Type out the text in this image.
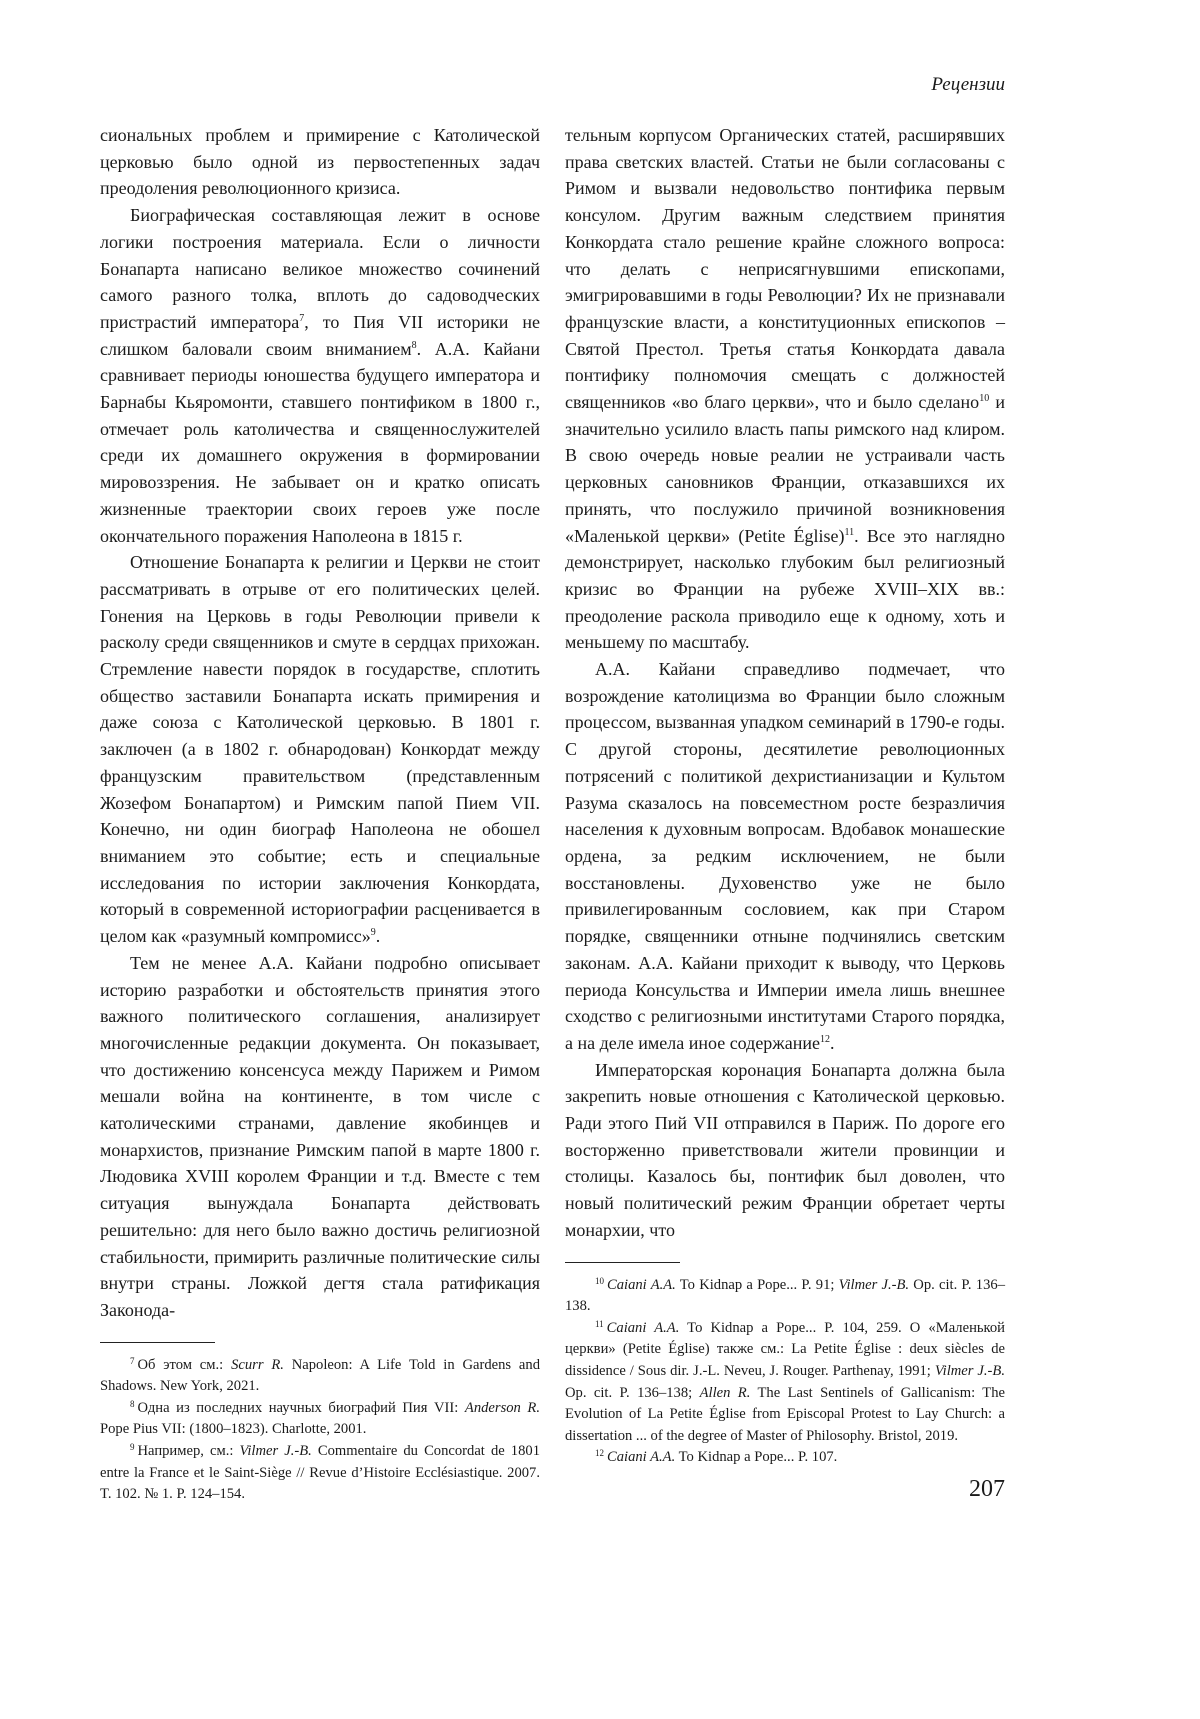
Рецензии

сиональных проблем и примирение с Католической церковью было одной из первостепенных задач преодоления революционного кризиса.

Биографическая составляющая лежит в основе логики построения материала. Если о личности Бонапарта написано великое множество сочинений самого разного толка, вплоть до садоводческих пристрастий императора7, то Пия VII историки не слишком баловали своим вниманием8. А.А. Кайани сравнивает периоды юношества будущего императора и Барнабы Кьяромонти, ставшего понтификом в 1800 г., отмечает роль католичества и священнослужителей среди их домашнего окружения в формировании мировоззрения. Не забывает он и кратко описать жизненные траектории своих героев уже после окончательного поражения Наполеона в 1815 г.

Отношение Бонапарта к религии и Церкви не стоит рассматривать в отрыве от его политических целей. Гонения на Церковь в годы Революции привели к расколу среди священников и смуте в сердцах прихожан. Стремление навести порядок в государстве, сплотить общество заставили Бонапарта искать примирения и даже союза с Католической церковью. В 1801 г. заключен (а в 1802 г. обнародован) Конкордат между французским правительством (представленным Жозефом Бонапартом) и Римским папой Пием VII. Конечно, ни один биограф Наполеона не обошел вниманием это событие; есть и специальные исследования по истории заключения Конкордата, который в современной историографии расценивается в целом как «разумный компромисс»9.

Тем не менее А.А. Кайани подробно описывает историю разработки и обстоятельств принятия этого важного политического соглашения, анализирует многочисленные редакции документа. Он показывает, что достижению консенсуса между Парижем и Римом мешали война на континенте, в том числе с католическими странами, давление якобинцев и монархистов, признание Римским папой в марте 1800 г. Людовика XVIII королем Франции и т.д. Вместе с тем ситуация вынуждала Бонапарта действовать решительно: для него было важно достичь религиозной стабильности, примирить различные политические силы внутри страны. Ложкой дегтя стала ратификация Законода-

7 Об этом см.: Scurr R. Napoleon: A Life Told in Gardens and Shadows. New York, 2021.

8 Одна из последних научных биографий Пия VII: Anderson R. Pope Pius VII: (1800–1823). Charlotte, 2001.

9 Например, см.: Vilmer J.-B. Commentaire du Concordat de 1801 entre la France et le Saint-Siège // Revue d’Histoire Ecclésiastique. 2007. T. 102. № 1. P. 124–154.

тельным корпусом Органических статей, расширявших права светских властей. Статьи не были согласованы с Римом и вызвали недовольство понтифика первым консулом. Другим важным следствием принятия Конкордата стало решение крайне сложного вопроса: что делать с неприсягнувшими епископами, эмигрировавшими в годы Революции? Их не признавали французские власти, а конституционных епископов – Святой Престол. Третья статья Конкордата давала понтифику полномочия смещать с должностей священников «во благо церкви», что и было сделано10 и значительно усилило власть папы римского над клиром. В свою очередь новые реалии не устраивали часть церковных сановников Франции, отказавшихся их принять, что послужило причиной возникновения «Маленькой церкви» (Petite Église)11. Все это наглядно демонстрирует, насколько глубоким был религиозный кризис во Франции на рубеже XVIII–XIX вв.: преодоление раскола приводило еще к одному, хоть и меньшему по масштабу.

А.А. Кайани справедливо подмечает, что возрождение католицизма во Франции было сложным процессом, вызванная упадком семинарий в 1790-е годы. С другой стороны, десятилетие революционных потрясений с политикой дехристианизации и Культом Разума сказалось на повсеместном росте безразличия населения к духовным вопросам. Вдобавок монашеские ордена, за редким исключением, не были восстановлены. Духовенство уже не было привилегированным сословием, как при Старом порядке, священники отныне подчинялись светским законам. А.А. Кайани приходит к выводу, что Церковь периода Консульства и Империи имела лишь внешнее сходство с религиозными институтами Старого порядка, а на деле имела иное содержание12.

Императорская коронация Бонапарта должна была закрепить новые отношения с Католической церковью. Ради этого Пий VII отправился в Париж. По дороге его восторженно приветствовали жители провинции и столицы. Казалось бы, понтифик был доволен, что новый политический режим Франции обретает черты монархии, что

10 Caiani A.A. To Kidnap a Pope... P. 91; Vilmer J.-B. Op. cit. P. 136–138.

11 Caiani A.A. To Kidnap a Pope... P. 104, 259. О «Маленькой церкви» (Petite Église) также см.: La Petite Église : deux siècles de dissidence / Sous dir. J.-L. Neveu, J. Rouger. Parthenay, 1991; Vilmer J.-B. Op. cit. P. 136–138; Allen R. The Last Sentinels of Gallicanism: The Evolution of La Petite Église from Episcopal Protest to Lay Church: a dissertation ... of the degree of Master of Philosophy. Bristol, 2019.

12 Caiani A.A. To Kidnap a Pope... P. 107.

207
